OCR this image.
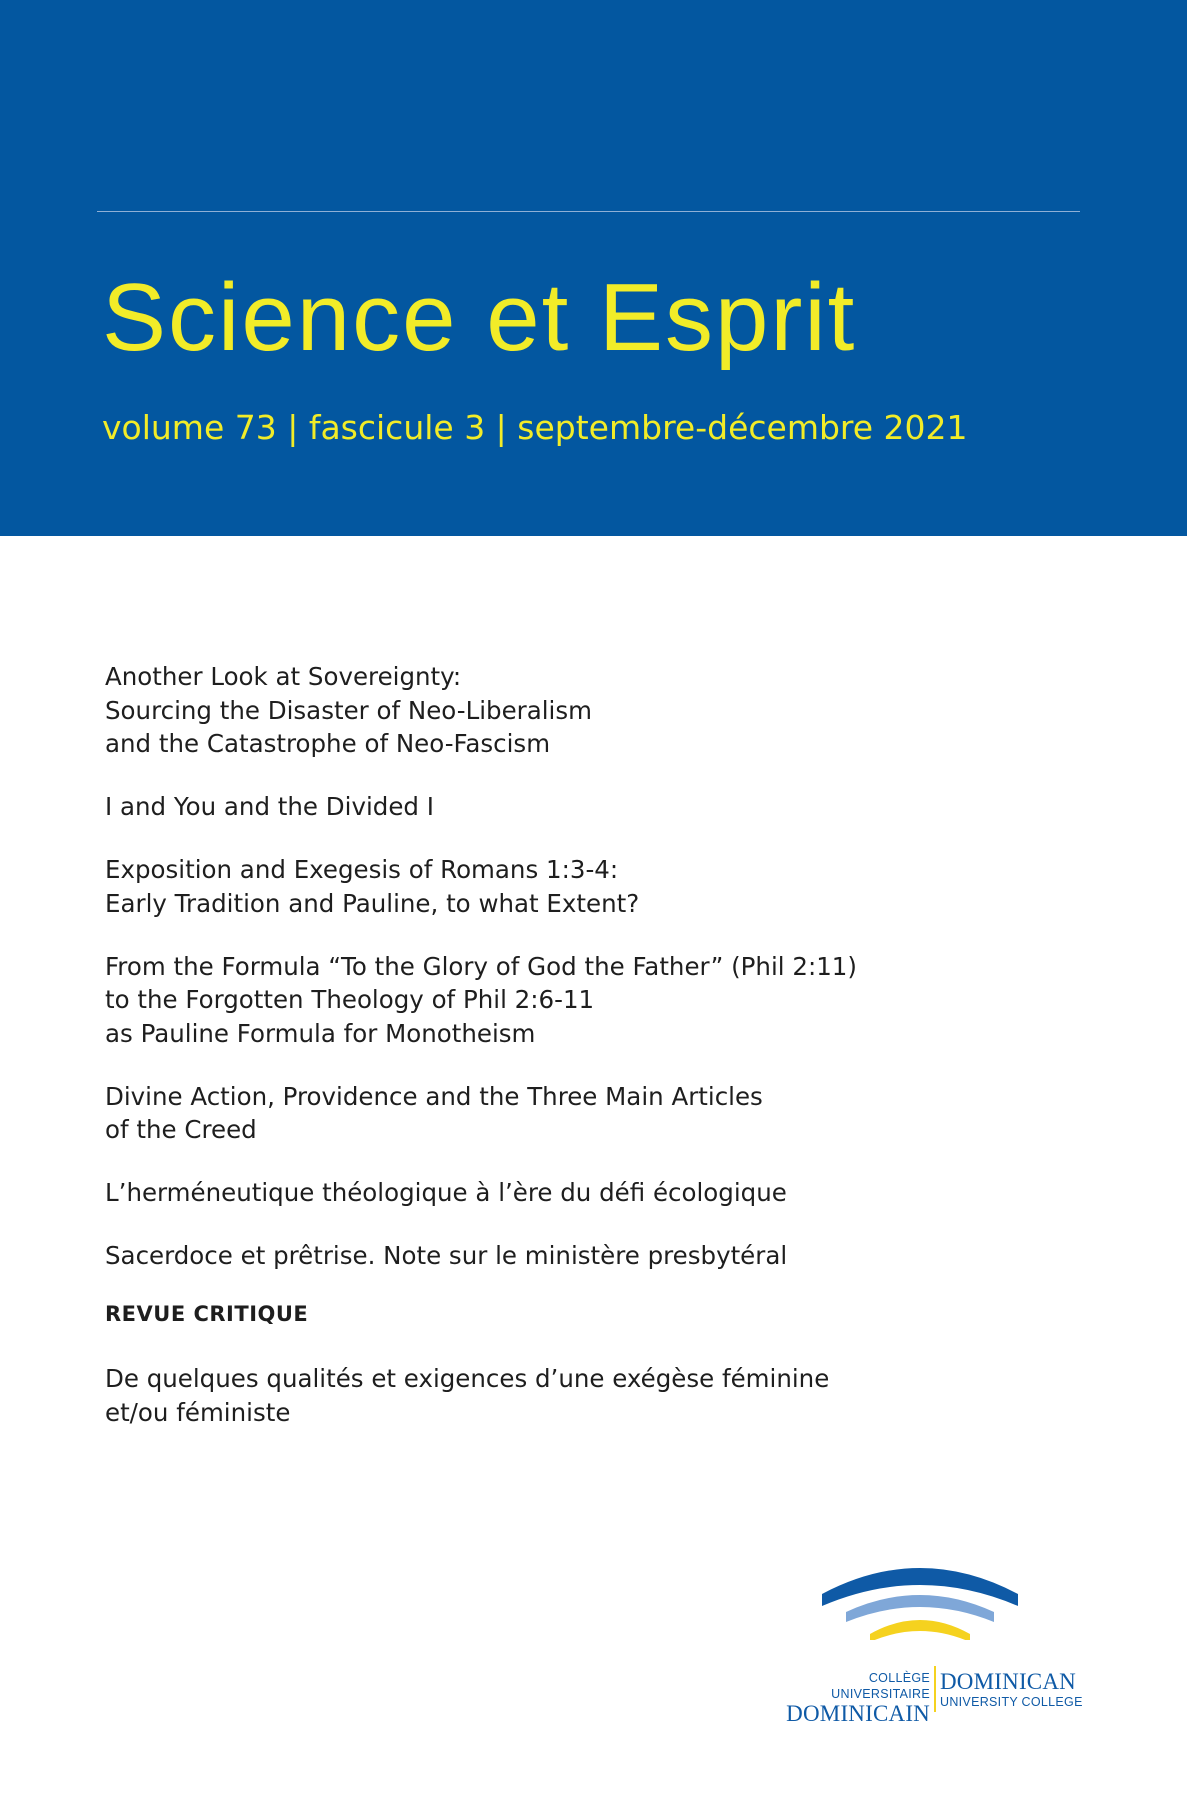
Science et Esprit
volume 73 | fascicule 3 | septembre-décembre 2021
Another Look at Sovereignty:
Sourcing the Disaster of Neo-Liberalism
and the Catastrophe of Neo-Fascism
I and You and the Divided I
Exposition and Exegesis of Romans 1:3-4:
Early Tradition and Pauline, to what Extent?
From the Formula “To the Glory of God the Father” (Phil 2:11)
to the Forgotten Theology of Phil 2:6-11
as Pauline Formula for Monotheism
Divine Action, Providence and the Three Main Articles
of the Creed
L’herméneutique théologique à l’ère du défi écologique
Sacerdoce et prêtrise. Note sur le ministère presbytéral
REVUE CRITIQUE
De quelques qualités et exigences d’une exégèse féminine
et/ou féministe
COLLÈGE UNIVERSITAIRE
DOMINICAIN
DOMINICAN
UNIVERSITY COLLEGE
